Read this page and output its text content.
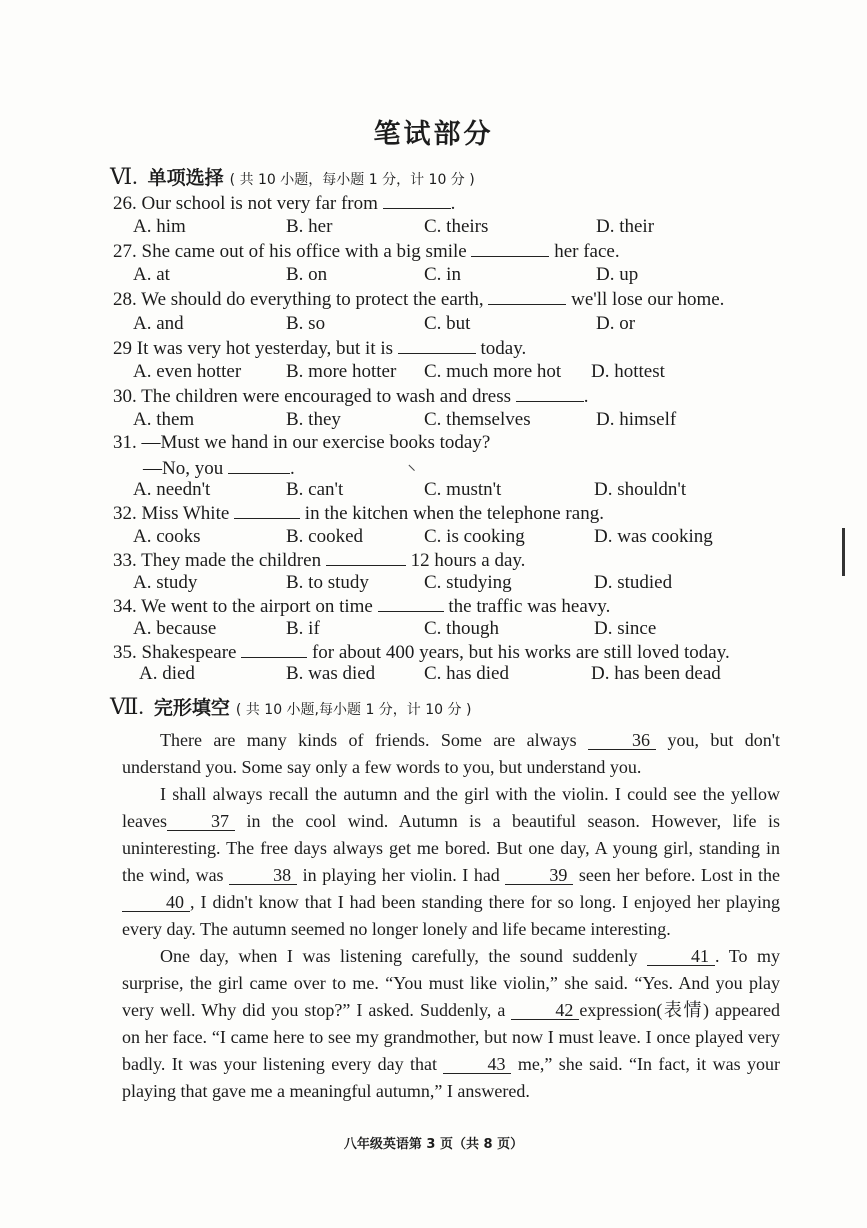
笔试部分
Ⅵ. 单项选择 ( 共 10 小题，每小题 1 分，计 10 分 )
26. Our school is not very far from	.
A. him	B. her	C. theirs	D. their
27. She came out of his office with a big smile	her face.
A. at	B. on	C. in	D. up
28. We should do everything to protect the earth,	we'll lose our home.
A. and	B. so	C. but	D. or
29 It was very hot yesterday, but it is	today.
A. even hotter B. more hotter C. much more hot D. hottest
30. The children were encouraged to wash and dress	.
A. them	B. they	C. themselves	D. himself
31. —Must we hand in our exercise books today?
—No, you	.
A. needn't	B. can't	C. mustn't	D. shouldn't
32. Miss White	in the kitchen when the telephone rang.
A. cooks	B. cooked	C. is cooking	D. was cooking
33. They made the children	12 hours a day.
A. study	B. to study	C. studying	D. studied
34. We went to the airport on time	the traffic was heavy.
A. because	B. if	C. though	D. since
35. Shakespeare	for about 400 years, but his works are still loved today.
A. died	B. was died	C. has died	D. has been dead
Ⅶ. 完形填空 ( 共 10 小题,每小题 1 分，计 10 分 )

There are many kinds of friends. Some are always	36 you, but don't understand you. Some say only a few words to you, but understand you.

I shall always recall the autumn and the girl with the violin. I could see the yellow leaves 37 in the cool wind. Autumn is a beautiful season. However, life is uninteresting. The free days always get me bored. But one day, A young girl, standing in the wind, was	38 in playing her violin. I had	39 seen her before. Lost in the 40 , I didn't know that I had been standing there for so long. I enjoyed her playing every day. The autumn seemed no longer lonely and life became interesting.

One day, when I was listening carefully, the sound suddenly	41 . To my surprise, the girl came over to me. “You must like violin,” she said. “Yes. And you play very well. Why did you stop?” I asked. Suddenly, a	42 expression(表情) appeared on her face. “I came here to see my grandmother, but now I must leave. I once played very badly. It was your listening every day that	43 me,” she said. “In fact, it was your playing that gave me a meaningful autumn,” I answered.

八年级英语第 3 页（共 8 页）
